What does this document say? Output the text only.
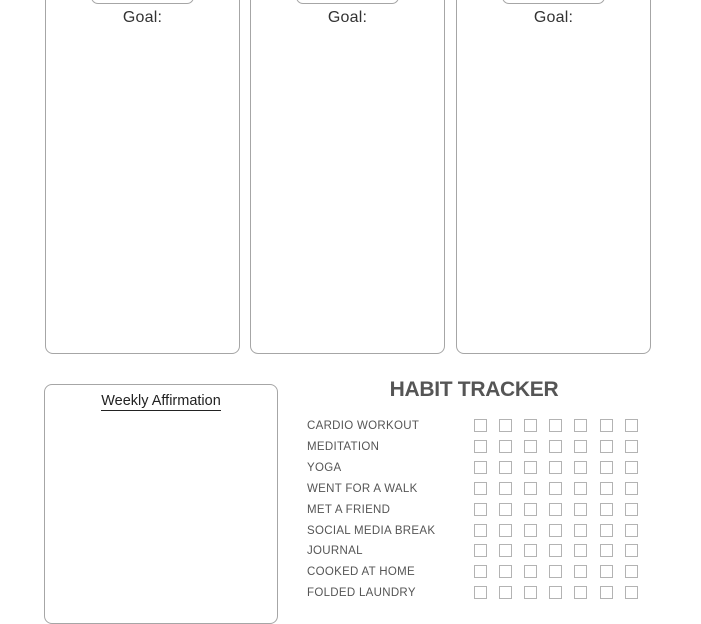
Goal:	Goal:	Goal:
Weekly Affirmation	HABIT TRACKER
CARDIO WORKOUT
MEDITATION
YOGA
WENT FOR A WALK
MET A FRIEND
SOCIAL MEDIA BREAK
JOURNAL
COOKED AT HOME
FOLDED LAUNDRY
